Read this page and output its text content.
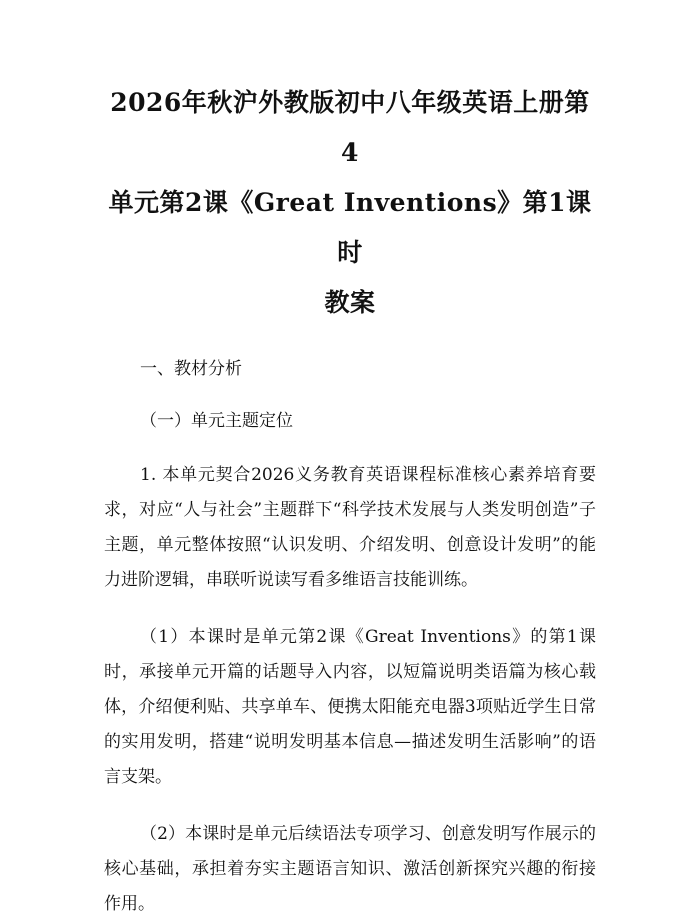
2026年秋沪外教版初中八年级英语上册第4
单元第2课《Great Inventions》第1课时
教案

一、教材分析

（一）单元主题定位

1. 本单元契合2026义务教育英语课程标准核心素养培育要求，对应“人与社会”主题群下“科学技术发展与人类发明创造”子主题，单元整体按照“认识发明、介绍发明、创意设计发明”的能力进阶逻辑，串联听说读写看多维语言技能训练。

（1）本课时是单元第2课《Great Inventions》的第1课时，承接单元开篇的话题导入内容，以短篇说明类语篇为核心载体，介绍便利贴、共享单车、便携太阳能充电器3项贴近学生日常的实用发明，搭建“说明发明基本信息—描述发明生活影响”的语言支架。

（2）本课时是单元后续语法专项学习、创意发明写作展示的核心基础，承担着夯实主题语言知识、激活创新探究兴趣的衔接作用。
